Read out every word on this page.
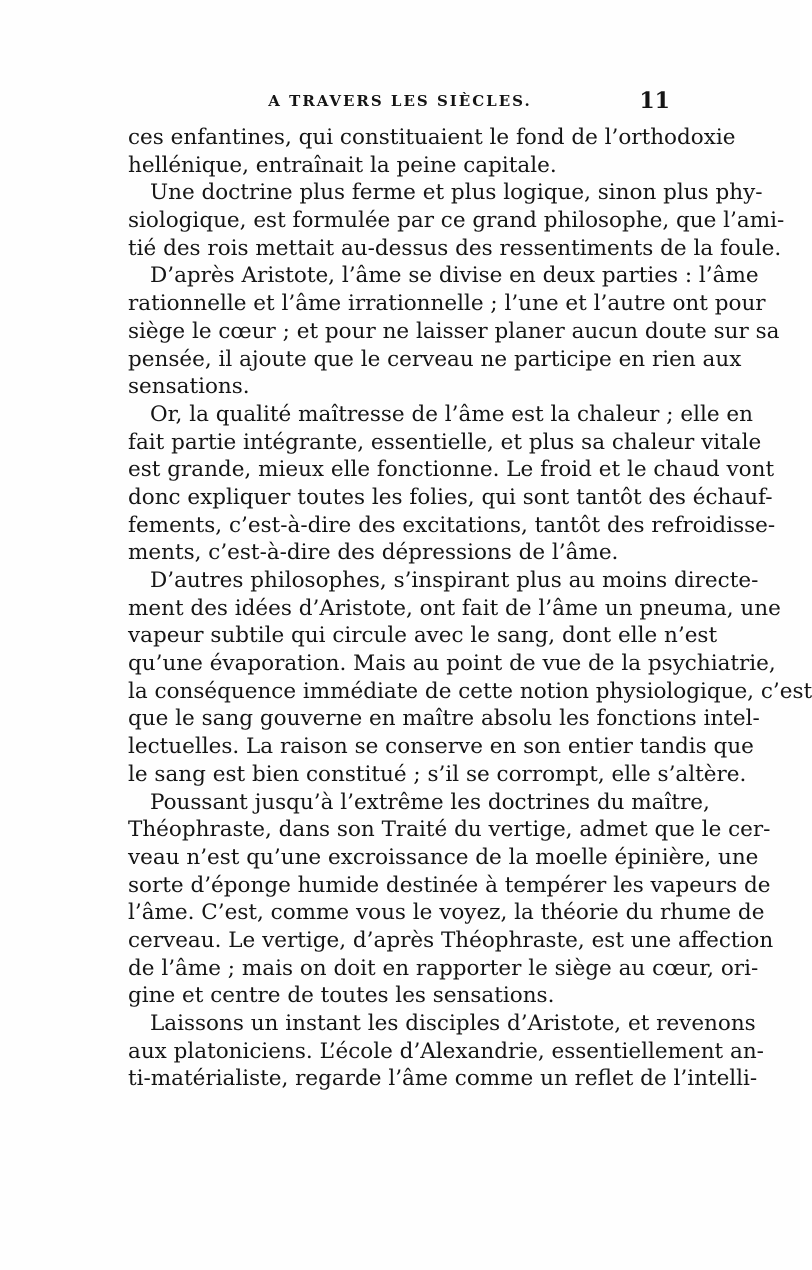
A TRAVERS LES SIÈCLES.	11
ces enfantines, qui constituaient le fond de l’orthodoxie
hellénique, entraînait la peine capitale.
Une doctrine plus ferme et plus logique, sinon plus phy-
siologique, est formulée par ce grand philosophe, que l’ami-
tié des rois mettait au-dessus des ressentiments de la foule.
D’après Aristote, l’âme se divise en deux parties : l’âme
rationnelle et l’âme irrationnelle ; l’une et l’autre ont pour
siège le cœur ; et pour ne laisser planer aucun doute sur sa
pensée, il ajoute que le cerveau ne participe en rien aux
sensations.
Or, la qualité maîtresse de l’âme est la chaleur ; elle en
fait partie intégrante, essentielle, et plus sa chaleur vitale
est grande, mieux elle fonctionne. Le froid et le chaud vont
donc expliquer toutes les folies, qui sont tantôt des échauf-
fements, c’est-à-dire des excitations, tantôt des refroidisse-
ments, c’est-à-dire des dépressions de l’âme.
D’autres philosophes, s’inspirant plus au moins directe-
ment des idées d’Aristote, ont fait de l’âme un pneuma, une
vapeur subtile qui circule avec le sang, dont elle n’est
qu’une évaporation. Mais au point de vue de la psychiatrie,
la conséquence immédiate de cette notion physiologique, c’est
que le sang gouverne en maître absolu les fonctions intel-
lectuelles. La raison se conserve en son entier tandis que
le sang est bien constitué ; s’il se corrompt, elle s’altère.
Poussant jusqu’à l’extrême les doctrines du maître,
Théophraste, dans son Traité du vertige, admet que le cer-
veau n’est qu’une excroissance de la moelle épinière, une
sorte d’éponge humide destinée à tempérer les vapeurs de
l’âme. C’est, comme vous le voyez, la théorie du rhume de
cerveau. Le vertige, d’après Théophraste, est une affection
de l’âme ; mais on doit en rapporter le siège au cœur, ori-
gine et centre de toutes les sensations.
Laissons un instant les disciples d’Aristote, et revenons
aux platoniciens. L’école d’Alexandrie, essentiellement an-
ti-matérialiste, regarde l’âme comme un reflet de l’intelli-
